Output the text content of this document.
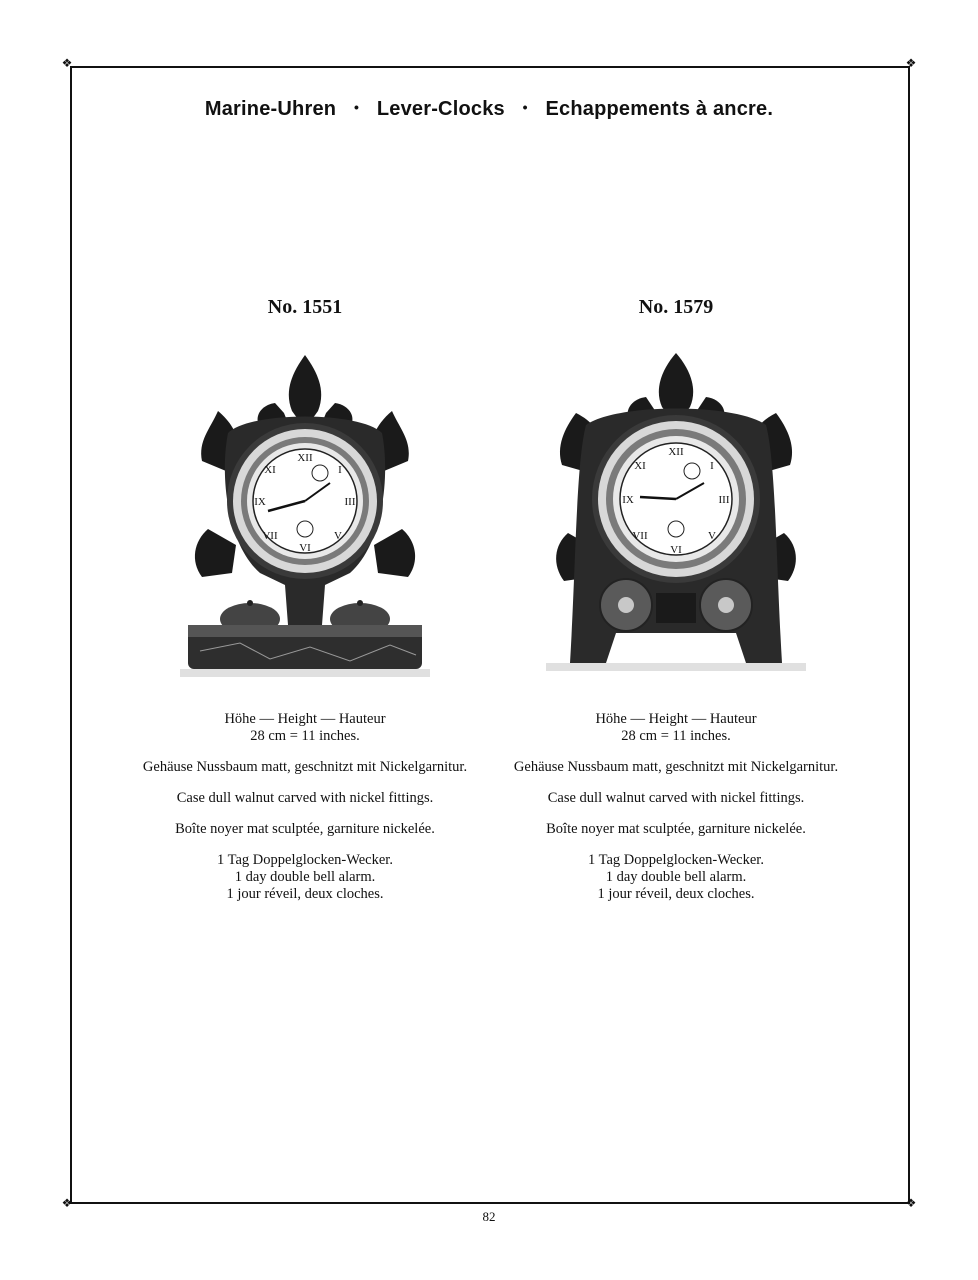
❖	❖
❖	❖
Marine-Uhren • Lever-Clocks • Echappements à ancre.
No. 1551
XII
I
III
V
VI
VII
IX
XI

Höhe — Height — Hauteur
28 cm = 11 inches.

Gehäuse Nussbaum matt, geschnitzt mit Nickelgarnitur.

Case dull walnut carved with nickel fittings.

Boîte noyer mat sculptée, garniture nickelée.

1 Tag Doppelglocken-Wecker.
1 day double bell alarm.
1 jour réveil, deux cloches.

No. 1579
XII
I
III
V
VI
VII
IX
XI

Höhe — Height — Hauteur
28 cm = 11 inches.

Gehäuse Nussbaum matt, geschnitzt mit Nickelgarnitur.

Case dull walnut carved with nickel fittings.

Boîte noyer mat sculptée, garniture nickelée.

1 Tag Doppelglocken-Wecker.
1 day double bell alarm.
1 jour réveil, deux cloches.

82
